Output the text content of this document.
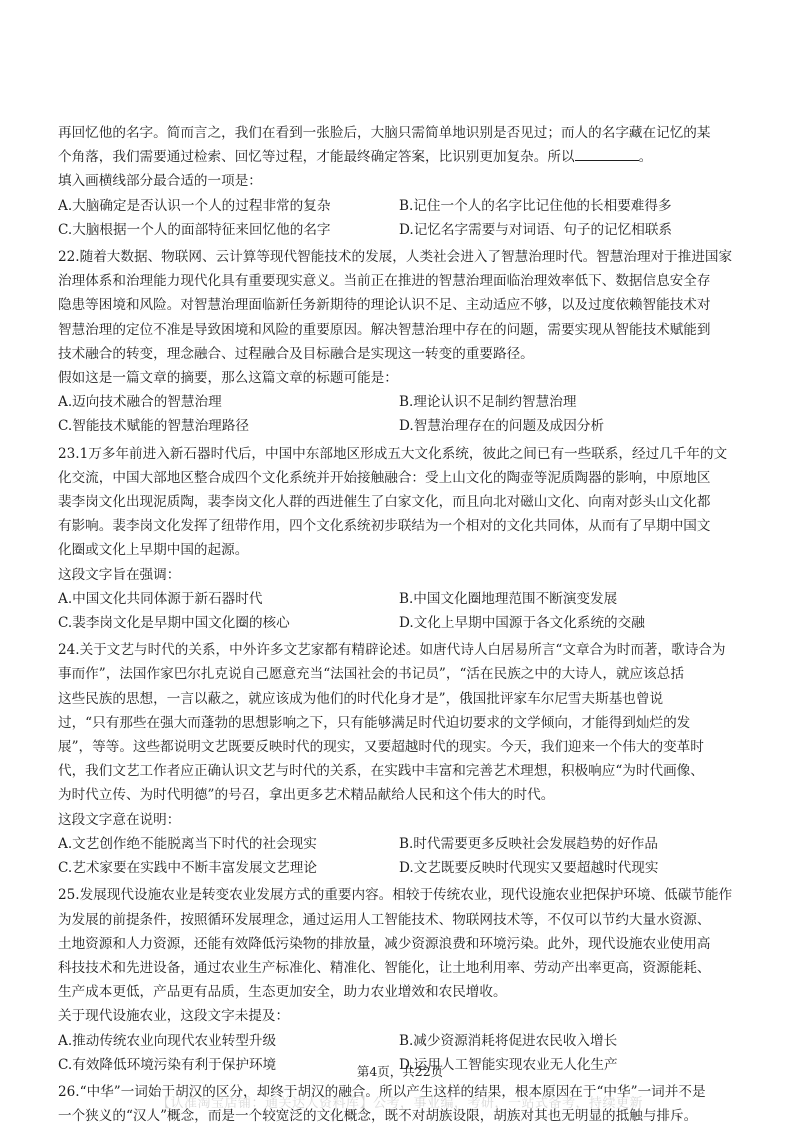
再回忆他的名字。简而言之，我们在看到一张脸后，大脑只需简单地识别是否见过；而人的名字藏在记忆的某
个角落，我们需要通过检索、回忆等过程，才能最终确定答案，比识别更加复杂。所以	。

填入画横线部分最合适的一项是：

A.大脑确定是否认识一个人的过程非常的复杂	B.记住一个人的名字比记住他的长相要难得多
C.大脑根据一个人的面部特征来回忆他的名字	D.记忆名字需要与对词语、句子的记忆相联系

22.随着大数据、物联网、云计算等现代智能技术的发展，人类社会进入了智慧治理时代。智慧治理对于推进国家
治理体系和治理能力现代化具有重要现实意义。当前正在推进的智慧治理面临治理效率低下、数据信息安全存
隐患等困境和风险。对智慧治理面临新任务新期待的理论认识不足、主动适应不够，以及过度依赖智能技术对
智慧治理的定位不准是导致困境和风险的重要原因。解决智慧治理中存在的问题，需要实现从智能技术赋能到
技术融合的转变，理念融合、过程融合及目标融合是实现这一转变的重要路径。

假如这是一篇文章的摘要，那么这篇文章的标题可能是：

A.迈向技术融合的智慧治理	B.理论认识不足制约智慧治理
C.智能技术赋能的智慧治理路径	D.智慧治理存在的问题及成因分析

23.1万多年前进入新石器时代后，中国中东部地区形成五大文化系统，彼此之间已有一些联系，经过几千年的文
化交流，中国大部地区整合成四个文化系统并开始接触融合：受上山文化的陶壶等泥质陶器的影响，中原地区
裴李岗文化出现泥质陶，裴李岗文化人群的西进催生了白家文化，而且向北对磁山文化、向南对彭头山文化都
有影响。裴李岗文化发挥了纽带作用，四个文化系统初步联结为一个相对的文化共同体，从而有了早期中国文
化圈或文化上早期中国的起源。

这段文字旨在强调：

A.中国文化共同体源于新石器时代	B.中国文化圈地理范围不断演变发展
C.裴李岗文化是早期中国文化圈的核心	D.文化上早期中国源于各文化系统的交融

24.关于文艺与时代的关系，中外许多文艺家都有精辟论述。如唐代诗人白居易所言“文章合为时而著，歌诗合为
事而作”，法国作家巴尔扎克说自己愿意充当“法国社会的书记员”，“活在民族之中的大诗人，就应该总括
这些民族的思想，一言以蔽之，就应该成为他们的时代化身才是”，俄国批评家车尔尼雪夫斯基也曾说
过，“只有那些在强大而蓬勃的思想影响之下，只有能够满足时代迫切要求的文学倾向，才能得到灿烂的发
展”，等等。这些都说明文艺既要反映时代的现实，又要超越时代的现实。今天，我们迎来一个伟大的变革时
代，我们文艺工作者应正确认识文艺与时代的关系，在实践中丰富和完善艺术理想，积极响应“为时代画像、
为时代立传、为时代明德”的号召，拿出更多艺术精品献给人民和这个伟大的时代。

这段文字意在说明：

A.文艺创作绝不能脱离当下时代的社会现实	B.时代需要更多反映社会发展趋势的好作品
C.艺术家要在实践中不断丰富发展文艺理论	D.文艺既要反映时代现实又要超越时代现实

25.发展现代设施农业是转变农业发展方式的重要内容。相较于传统农业，现代设施农业把保护环境、低碳节能作
为发展的前提条件，按照循环发展理念，通过运用人工智能技术、物联网技术等，不仅可以节约大量水资源、
土地资源和人力资源，还能有效降低污染物的排放量，减少资源浪费和环境污染。此外，现代设施农业使用高
科技技术和先进设备，通过农业生产标准化、精准化、智能化，让土地利用率、劳动产出率更高，资源能耗、
生产成本更低，产品更有品质，生态更加安全，助力农业增效和农民增收。

关于现代设施农业，这段文字未提及：

A.推动传统农业向现代农业转型升级	B.减少资源消耗将促进农民收入增长
C.有效降低环境污染有利于保护环境	D.运用人工智能实现农业无人化生产

26.“中华”一词始于胡汉的区分，却终于胡汉的融合。所以产生这样的结果，根本原因在于“中华”一词并不是
一个狭义的“汉人”概念，而是一个较宽泛的文化概念，既不对胡族设限，胡族对其也无明显的抵触与排斥。

第4页，共22页
【认准淘宝店铺：通关达人资料库】公考，事业编，考研，一站式备考，持续更新
